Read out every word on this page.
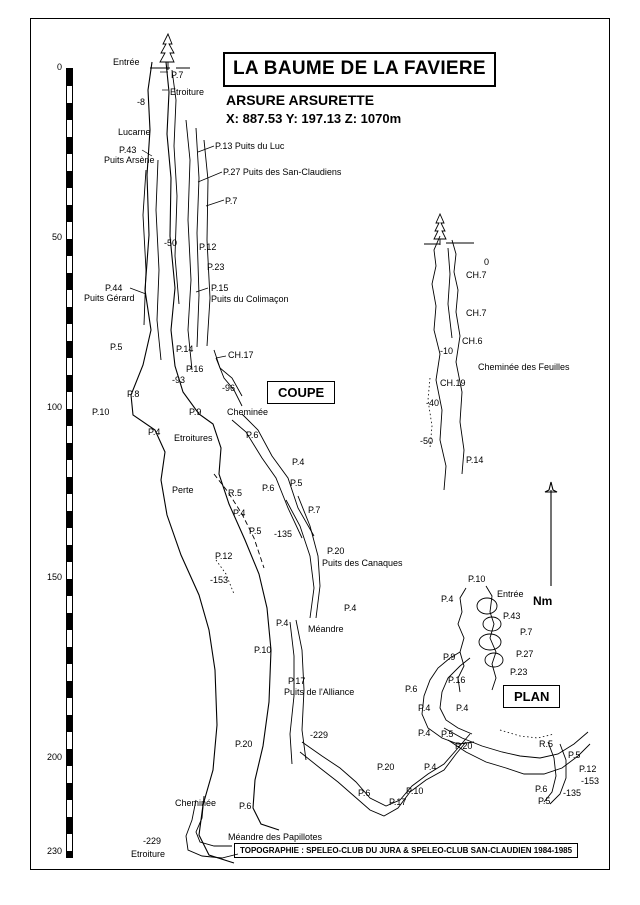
LA BAUME DE LA FAVIERE
ARSURE ARSURETTE
X: 887.53 Y: 197.13 Z: 1070m
COUPE
PLAN
Nm
TOPOGRAPHIE : SPELEO-CLUB DU JURA & SPELEO-CLUB SAN-CLAUDIEN 1984-1985
0
50
100
150
200
230
Entrée
P.7
Etroiture
-8
Lucarne
P.13 Puits du Luc
P.43
Puits Arsène
P.27 Puits des San-Claudiens
P.7
-50 P.12
P.23
P.44	P.15
Puits Gérard	Puits du Colimaçon
P.5	P.14
CH.17
P.16
-93
-96
P.8
P.9	Cheminée
P.10
P.4
Etroitures	P.6
P.4
Perte	R.5 P.6 P.5
P.4	P.7
P.5 -135
P.12	P.20
Puits des Canaques
-153
P.4
P.4
Méandre
P.10
P.17
Puits de l'Alliance
-229
P.20
P.20	P.4
Cheminée	P.6
P.6	P.10
P.17
-229
Etroiture
Méandre des Papillotes
0
CH.7
CH.7
CH.6
-10
Cheminée des Feuilles
CH.19
-40
-50
P.14
P.10
Entrée
P.4
P.43
P.7
P.27
P.9
P.16
P.23
P.6
P.4	P.4
P.4
P.20
P.5
R.5
P.5
P.12
-153
P.6 -135
P.5
